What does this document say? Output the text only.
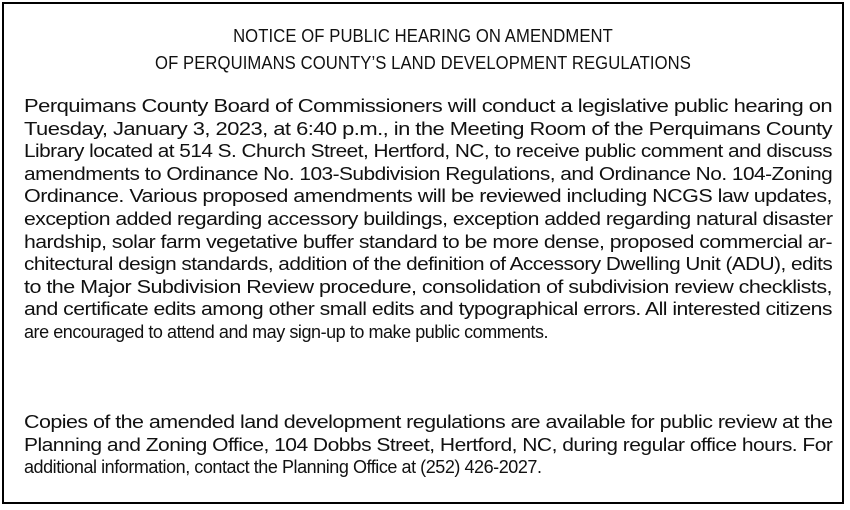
NOTICE OF PUBLIC HEARING ON AMENDMENT
OF PERQUIMANS COUNTY’S LAND DEVELOPMENT REGULATIONS
Perquimans County Board of Commissioners will conduct a legislative public hearing on
Tuesday, January 3, 2023, at 6:40 p.m., in the Meeting Room of the Perquimans County
Library located at 514 S. Church Street, Hertford, NC, to receive public comment and discuss
amendments to Ordinance No. 103-Subdivision Regulations, and Ordinance No. 104-Zoning
Ordinance. Various proposed amendments will be reviewed including NCGS law updates,
exception added regarding accessory buildings, exception added regarding natural disaster
hardship, solar farm vegetative buffer standard to be more dense, proposed commercial ar-
chitectural design standards, addition of the definition of Accessory Dwelling Unit (ADU), edits
to the Major Subdivision Review procedure, consolidation of subdivision review checklists,
and certificate edits among other small edits and typographical errors. All interested citizens
are encouraged to attend and may sign-up to make public comments.
Copies of the amended land development regulations are available for public review at the
Planning and Zoning Office, 104 Dobbs Street, Hertford, NC, during regular office hours. For
additional information, contact the Planning Office at (252) 426-2027.
